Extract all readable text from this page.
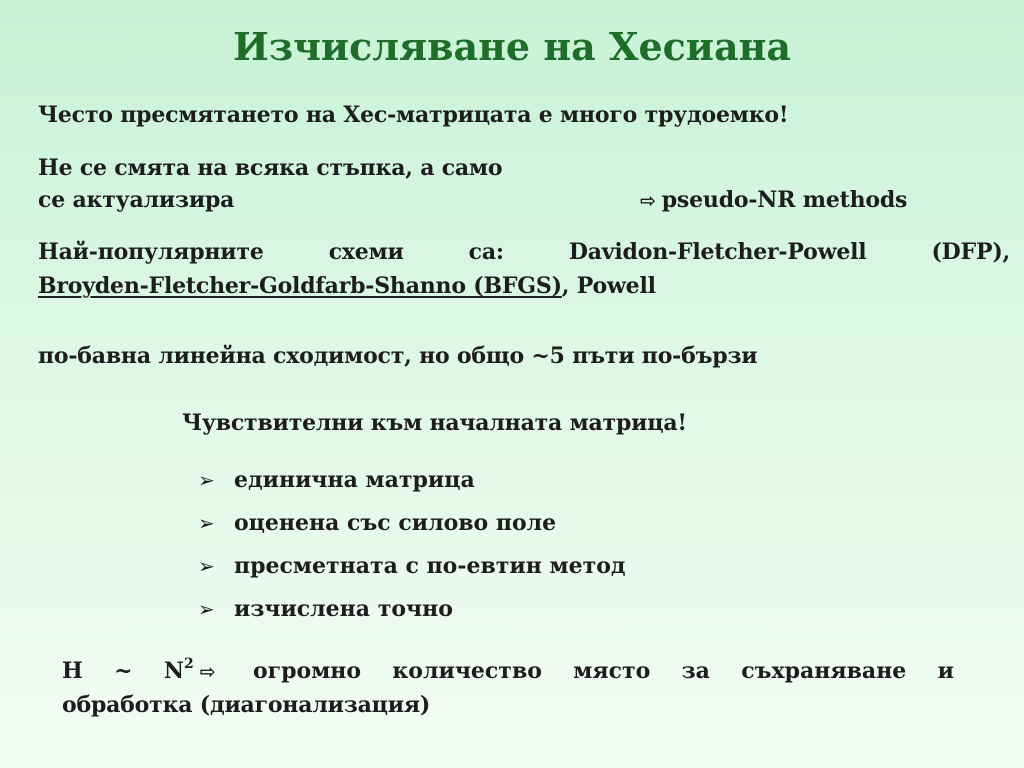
Изчисляване на Хесиана
Често пресмятането на Хес-матрицата е много трудоемко!
Не се смята на всяка стъпка, а само
се актуализира	⇨ pseudo-NR methods
Най-популярните	схеми	са:	Davidon-Fletcher-Powell	(DFP),
Broyden-Fletcher-Goldfarb-Shanno (BFGS), Powell
по-бавна линейна сходимост, но общо ~5 пъти по-бързи
Чувствителни към началната матрица!
➢ единична матрица
➢ оценена със силово поле
➢ пресметната с по-евтин метод
➢ изчислена точно
H ~ $N^2$ ⇨ огромно количество място за съхраняване и
обработка (диагонализация)
